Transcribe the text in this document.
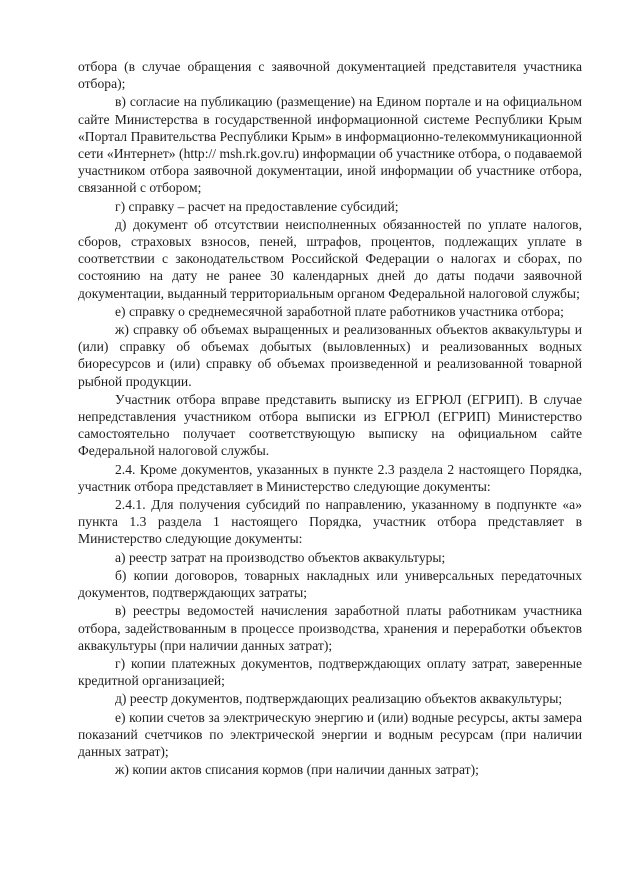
отбора (в случае обращения с заявочной документацией представителя участника отбора);

в) согласие на публикацию (размещение) на Едином портале и на официальном сайте Министерства в государственной информационной системе Республики Крым «Портал Правительства Республики Крым» в информационно-телекоммуникационной сети «Интернет» (http:// msh.rk.gov.ru) информации об участнике отбора, о подаваемой участником отбора заявочной документации, иной информации об участнике отбора, связанной с отбором;

г) справку – расчет на предоставление субсидий;

д) документ об отсутствии неисполненных обязанностей по уплате налогов, сборов, страховых взносов, пеней, штрафов, процентов, подлежащих уплате в соответствии с законодательством Российской Федерации о налогах и сборах, по состоянию на дату не ранее 30 календарных дней до даты подачи заявочной документации, выданный территориальным органом Федеральной налоговой службы;

е) справку о среднемесячной заработной плате работников участника отбора;

ж) справку об объемах выращенных и реализованных объектов аквакультуры и (или) справку об объемах добытых (выловленных) и реализованных водных биоресурсов и (или) справку об объемах произведенной и реализованной товарной рыбной продукции.

Участник отбора вправе представить выписку из ЕГРЮЛ (ЕГРИП). В случае непредставления участником отбора выписки из ЕГРЮЛ (ЕГРИП) Министерство самостоятельно получает соответствующую выписку на официальном сайте Федеральной налоговой службы.

2.4. Кроме документов, указанных в пункте 2.3 раздела 2 настоящего Порядка, участник отбора представляет в Министерство следующие документы:

2.4.1. Для получения субсидий по направлению, указанному в подпункте «а» пункта 1.3 раздела 1 настоящего Порядка, участник отбора представляет в Министерство следующие документы:

а) реестр затрат на производство объектов аквакультуры;

б) копии договоров, товарных накладных или универсальных передаточных документов, подтверждающих затраты;

в) реестры ведомостей начисления заработной платы работникам участника отбора, задействованным в процессе производства, хранения и переработки объектов аквакультуры (при наличии данных затрат);

г) копии платежных документов, подтверждающих оплату затрат, заверенные кредитной организацией;

д) реестр документов, подтверждающих реализацию объектов аквакультуры;

е) копии счетов за электрическую энергию и (или) водные ресурсы, акты замера показаний счетчиков по электрической энергии и водным ресурсам (при наличии данных затрат);

ж) копии актов списания кормов (при наличии данных затрат);
